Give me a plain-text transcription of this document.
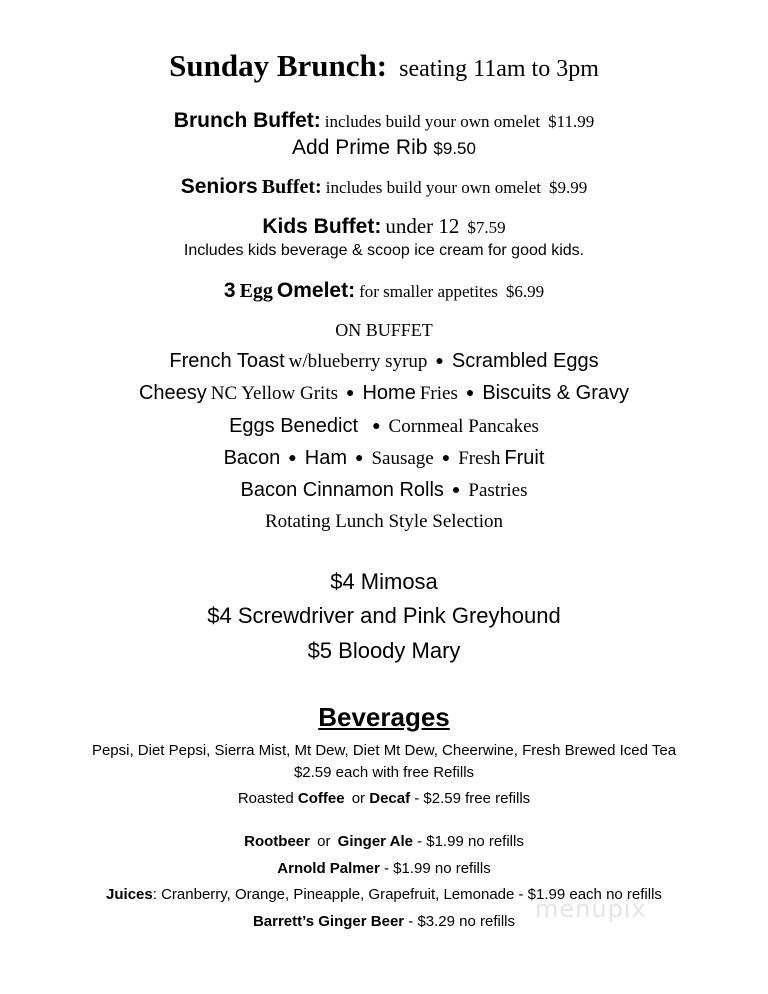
Sunday Brunch: seating 11am to 3pm
Brunch Buffet: includes build your own omelet $11.99
Add Prime Rib $9.50
Seniors Buffet: includes build your own omelet $9.99
Kids Buffet: under 12 $7.59
Includes kids beverage & scoop ice cream for good kids.
3 Egg Omelet: for smaller appetites $6.99
ON BUFFET
French Toast w/blueberry syrup ● Scrambled Eggs
Cheesy NC Yellow Grits ● Home Fries ● Biscuits & Gravy
Eggs Benedict ● Cornmeal Pancakes
Bacon ● Ham ● Sausage ● Fresh Fruit
Bacon Cinnamon Rolls ● Pastries
Rotating Lunch Style Selection
$4 Mimosa
$4 Screwdriver and Pink Greyhound
$5 Bloody Mary
Beverages
Pepsi, Diet Pepsi, Sierra Mist, Mt Dew, Diet Mt Dew, Cheerwine, Fresh Brewed Iced Tea
$2.59 each with free Refills
Roasted Coffee or Decaf - $2.59 free refills
Rootbeer or Ginger Ale - $1.99 no refills
Arnold Palmer - $1.99 no refills
Juices: Cranberry, Orange, Pineapple, Grapefruit, Lemonade - $1.99 each no refills
Barrett’s Ginger Beer - $3.29 no refills menupix
